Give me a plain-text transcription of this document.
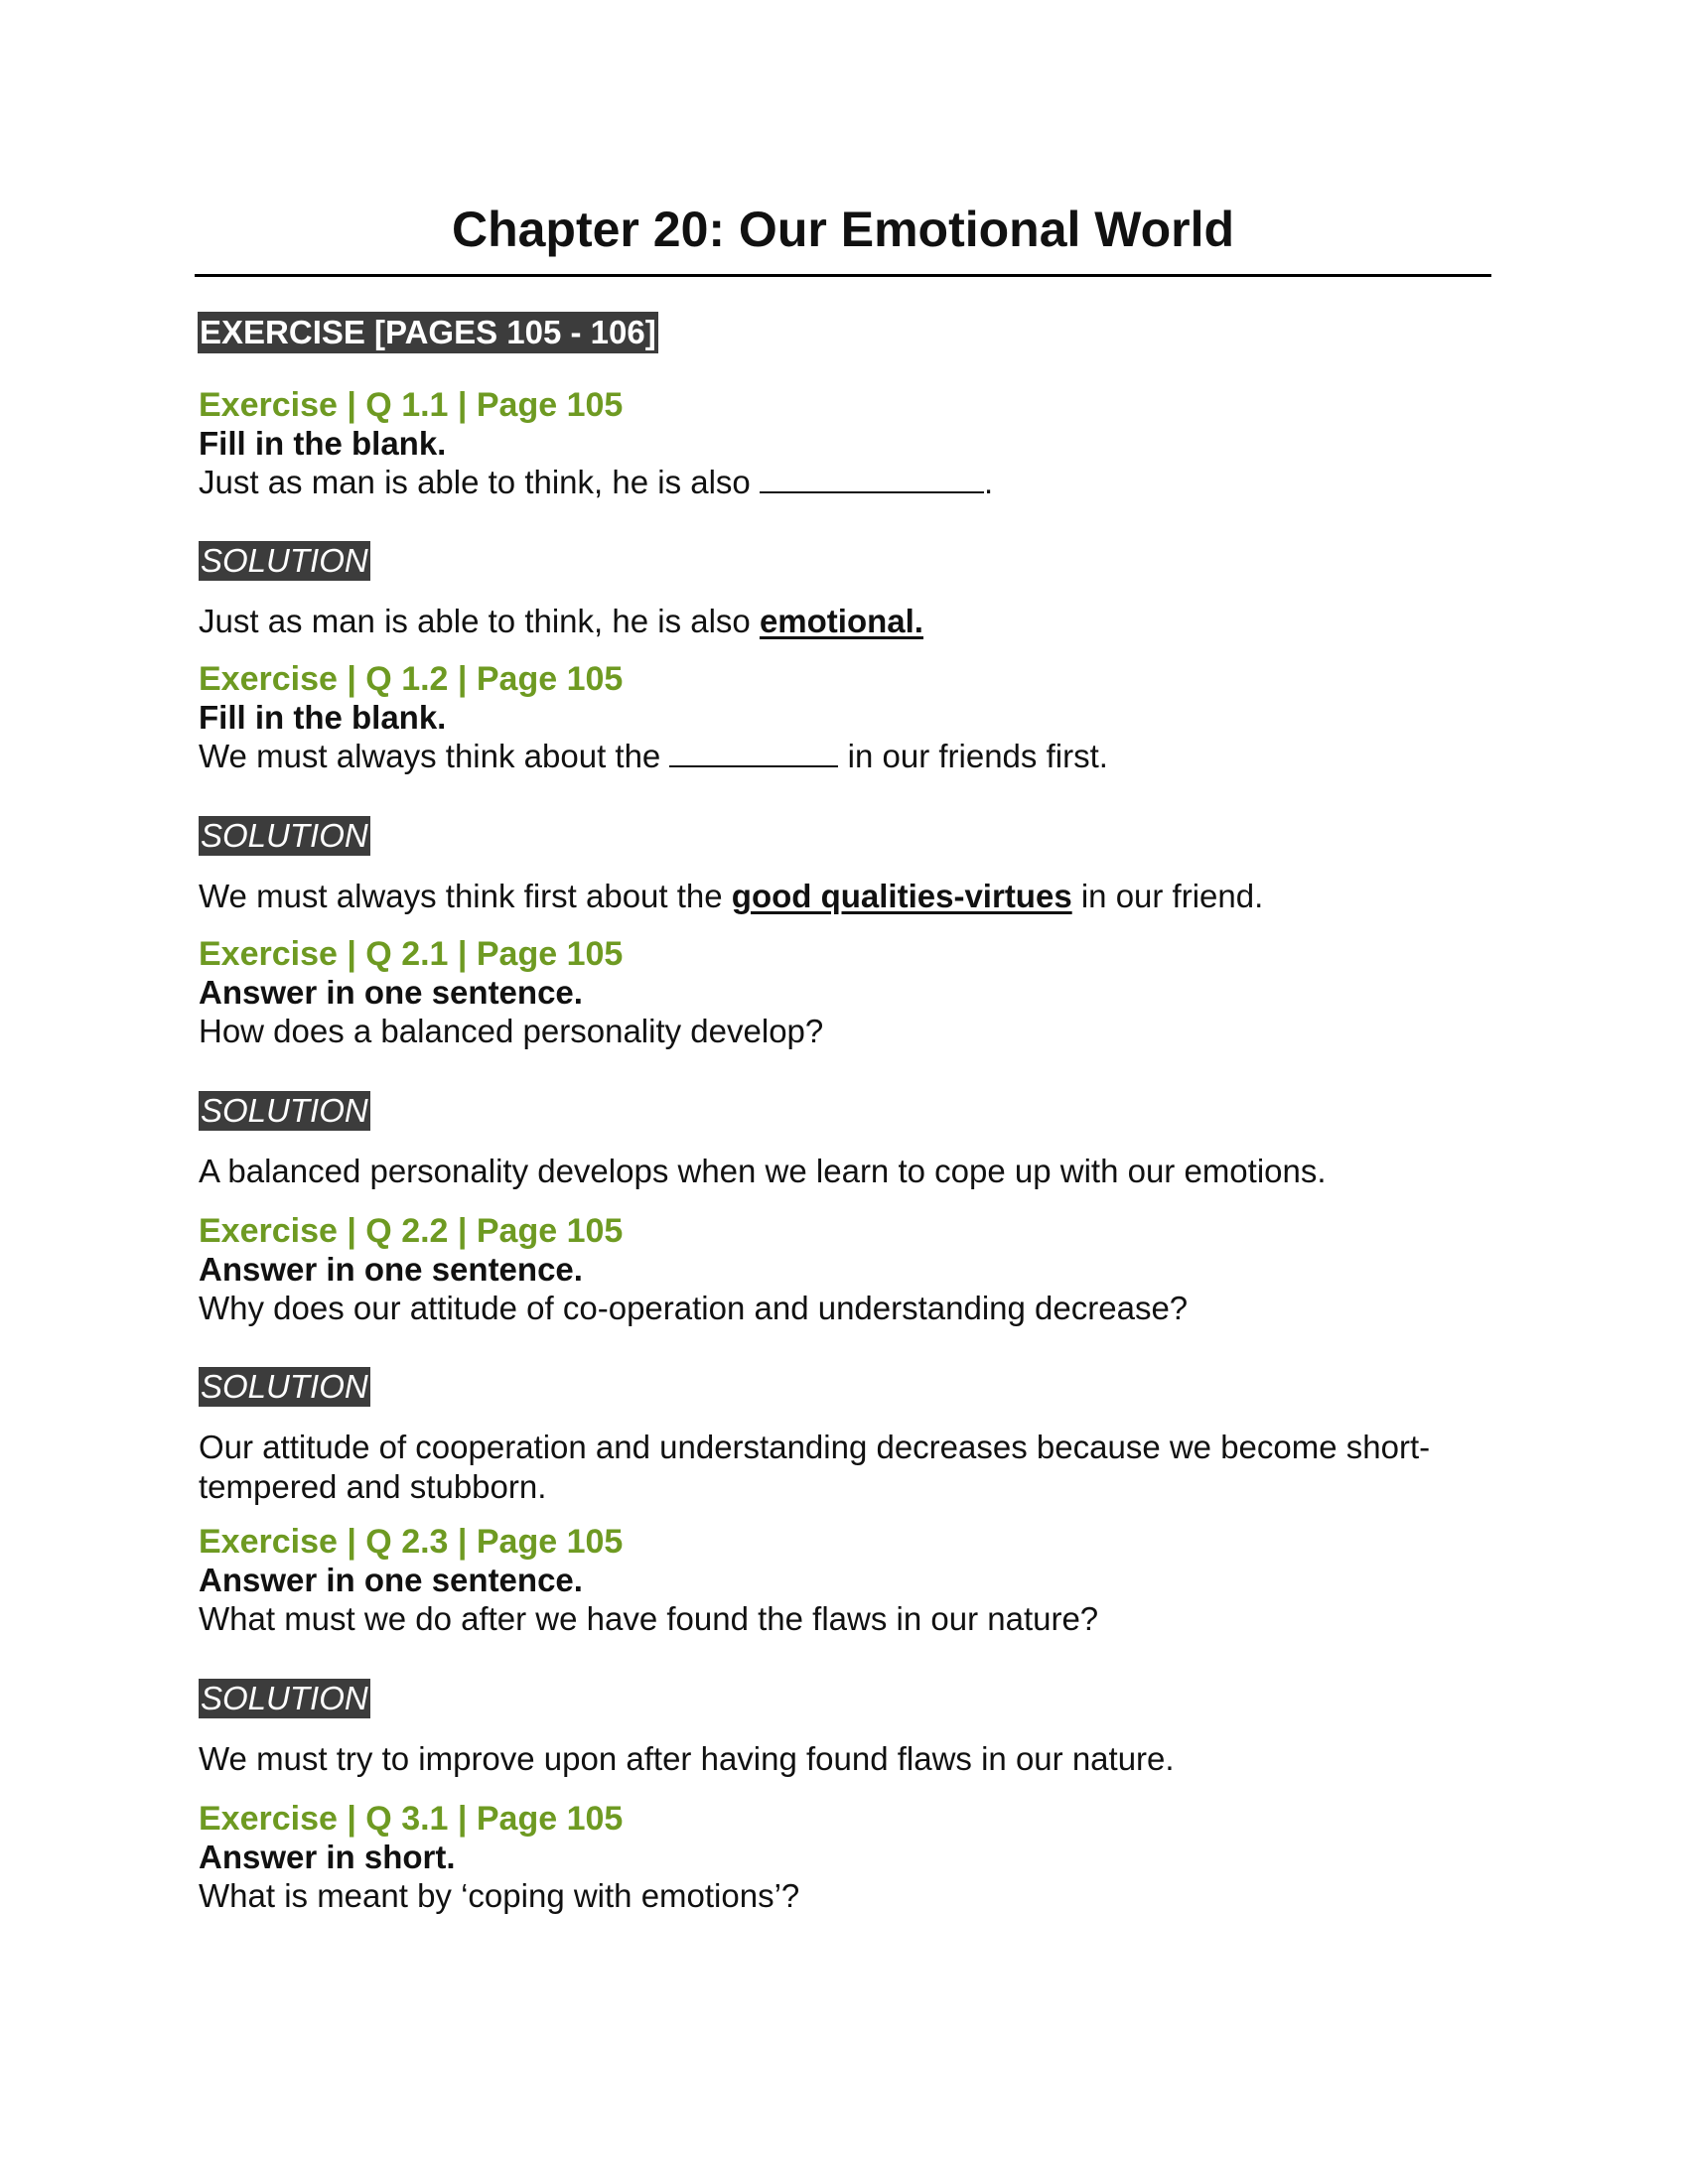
Chapter 20: Our Emotional World
EXERCISE [PAGES 105 - 106]

Exercise | Q 1.1 | Page 105

Fill in the blank.

Just as man is able to think, he is also	.

SOLUTION

Just as man is able to think, he is also emotional.

Exercise | Q 1.2 | Page 105

Fill in the blank.

We must always think about the	in our friends first.

SOLUTION

We must always think first about the good qualities-virtues in our friend.

Exercise | Q 2.1 | Page 105

Answer in one sentence.

How does a balanced personality develop?

SOLUTION

A balanced personality develops when we learn to cope up with our emotions.

Exercise | Q 2.2 | Page 105

Answer in one sentence.

Why does our attitude of co-operation and understanding decrease?

SOLUTION
Our attitude of cooperation and understanding decreases because we become short-
tempered and stubborn.

Exercise | Q 2.3 | Page 105

Answer in one sentence.

What must we do after we have found the flaws in our nature?

SOLUTION

We must try to improve upon after having found flaws in our nature.

Exercise | Q 3.1 | Page 105

Answer in short.

What is meant by ‘coping with emotions’?
